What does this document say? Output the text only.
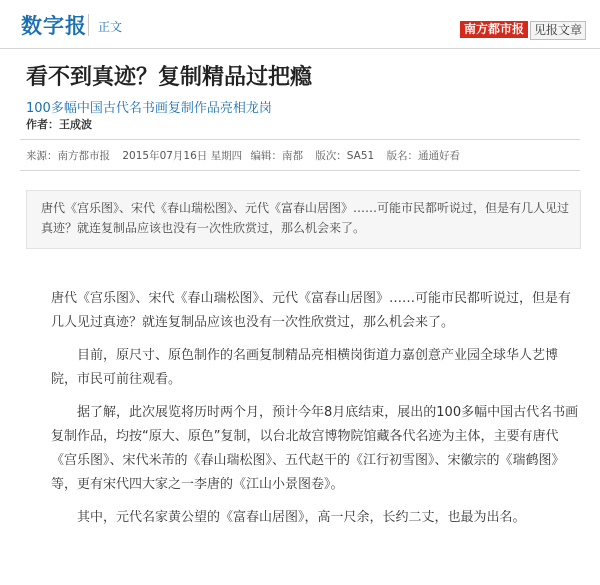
数字报 正文	南方都市报 见报文章
看不到真迹？复制精品过把瘾
100多幅中国古代名书画复制作品亮相龙岗
作者：王成波
来源：南方都市报 2015年07月16日 星期四 编辑：南都 版次：SA51 版名：通通好看
唐代《宫乐图》、宋代《春山瑞松图》、元代《富春山居图》……可能市民都听说过，但是有几人见过真迹？就连复制品应该也没有一次性欣赏过，那么机会来了。

唐代《宫乐图》、宋代《春山瑞松图》、元代《富春山居图》……可能市民都听说过，但是有几人见过真迹？就连复制品应该也没有一次性欣赏过，那么机会来了。

目前，原尺寸、原色制作的名画复制精品亮相横岗街道力嘉创意产业园全球华人艺博院，市民可前往观看。

据了解，此次展览将历时两个月，预计今年8月底结束，展出的100多幅中国古代名书画复制作品，均按“原大、原色”复制，以台北故宫博物院馆藏各代名迹为主体，主要有唐代《宫乐图》、宋代米芾的《春山瑞松图》、五代赵干的《江行初雪图》、宋徽宗的《瑞鹤图》等，更有宋代四大家之一李唐的《江山小景图卷》。

其中，元代名家黄公望的《富春山居图》，高一尺余，长约二丈，也最为出名。
